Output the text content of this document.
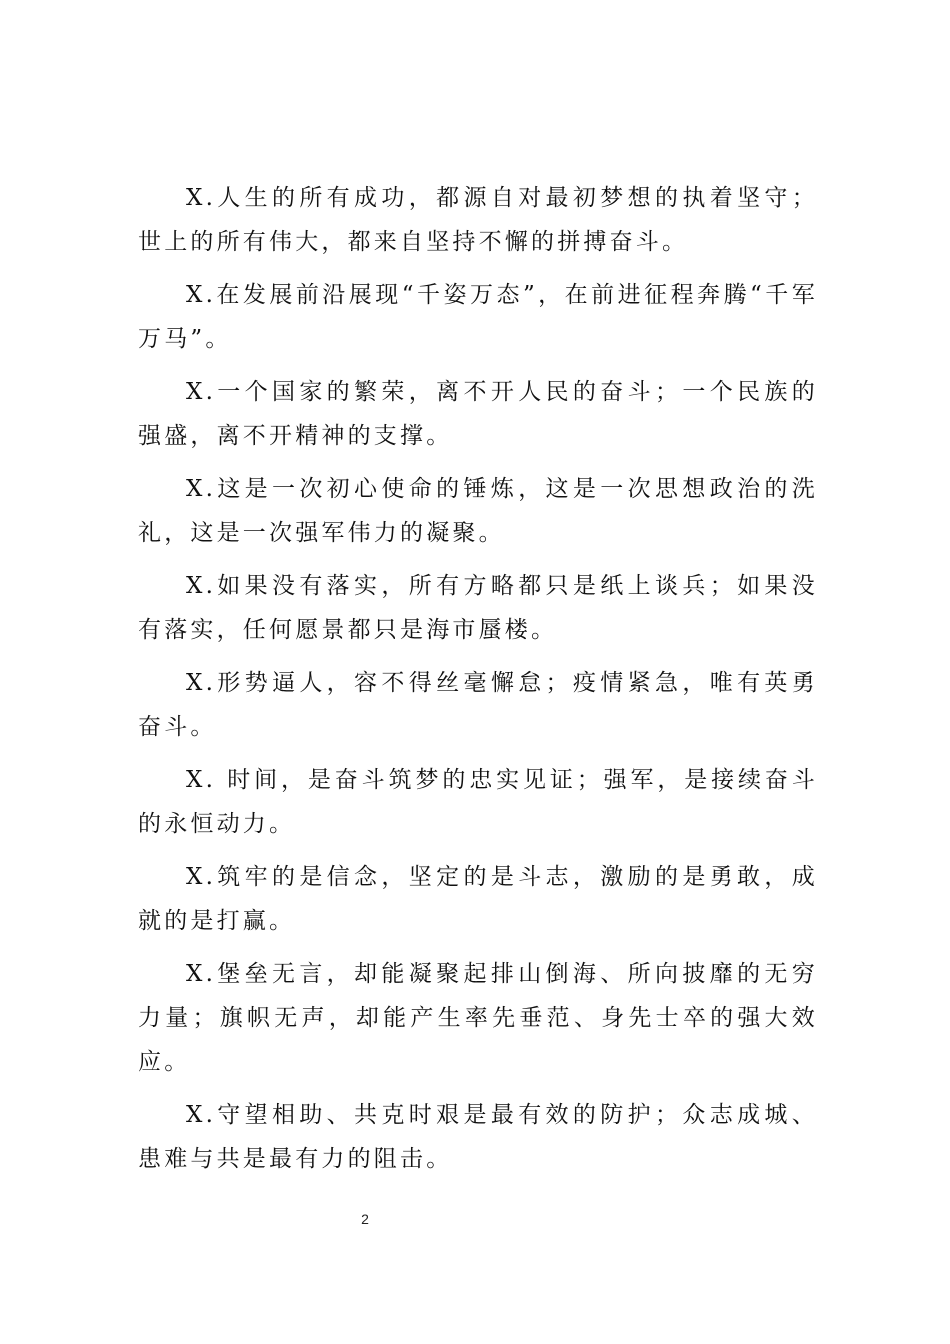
X.人生的所有成功，都源自对最初梦想的执着坚守；世上的所有伟大，都来自坚持不懈的拼搏奋斗。

X.在发展前沿展现“千姿万态”，在前进征程奔腾“千军万马”。

X.一个国家的繁荣，离不开人民的奋斗；一个民族的强盛，离不开精神的支撑。

X.这是一次初心使命的锤炼，这是一次思想政治的洗礼，这是一次强军伟力的凝聚。

X.如果没有落实，所有方略都只是纸上谈兵；如果没有落实，任何愿景都只是海市蜃楼。

X.形势逼人，容不得丝毫懈怠；疫情紧急，唯有英勇奋斗。

X. 时间，是奋斗筑梦的忠实见证；强军，是接续奋斗的永恒动力。

X.筑牢的是信念，坚定的是斗志，激励的是勇敢，成就的是打赢。

X.堡垒无言，却能凝聚起排山倒海、所向披靡的无穷力量；旗帜无声，却能产生率先垂范、身先士卒的强大效应。

X.守望相助、共克时艰是最有效的防护；众志成城、患难与共是最有力的阻击。

2
